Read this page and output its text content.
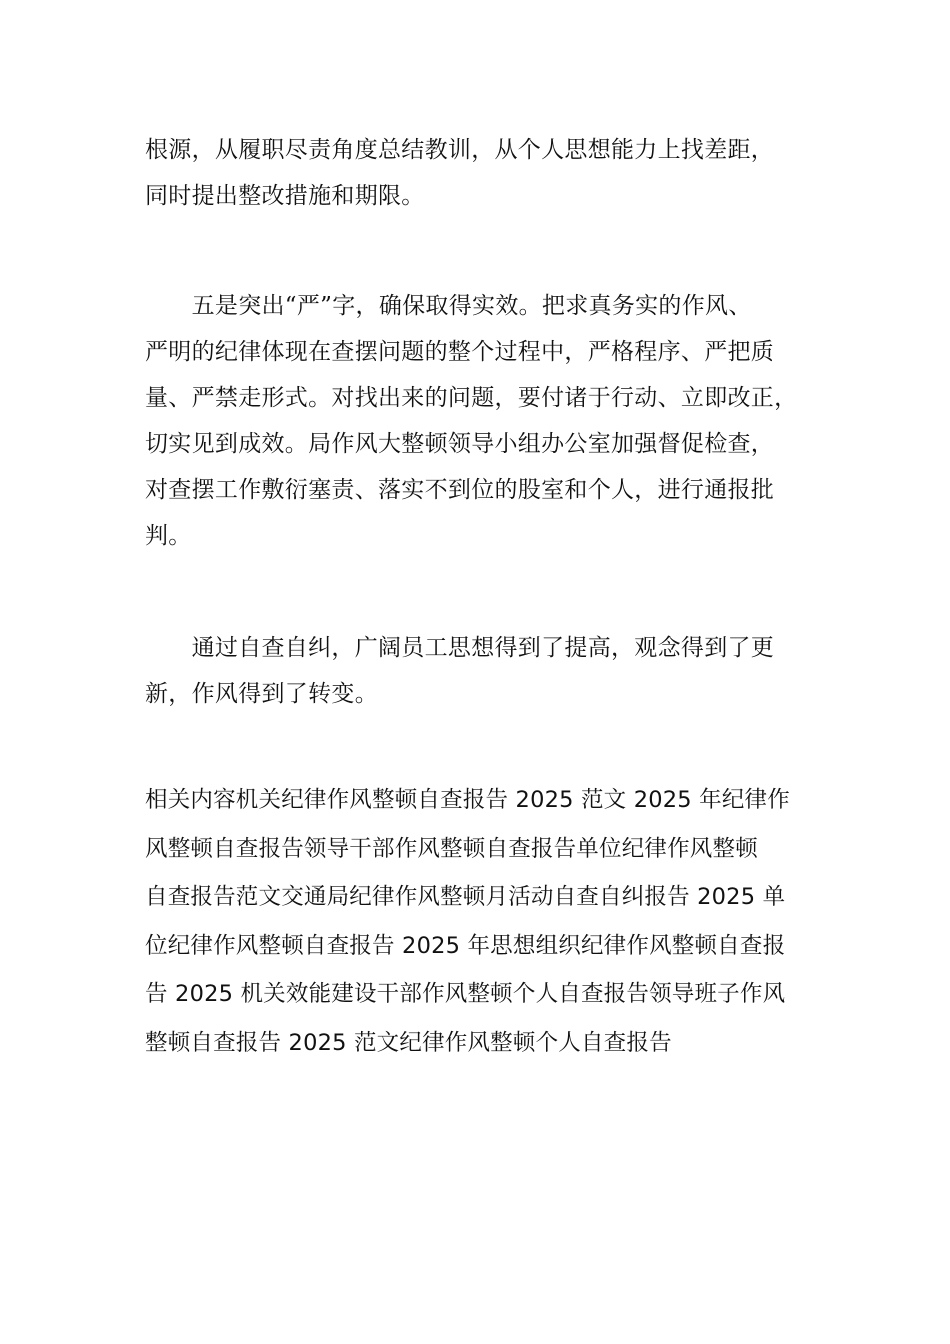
根源，从履职尽责角度总结教训，从个人思想能力上找差距，
同时提出整改措施和期限。
　　五是突出“严”字，确保取得实效。把求真务实的作风、
严明的纪律体现在查摆问题的整个过程中，严格程序、严把质
量、严禁走形式。对找出来的问题，要付诸于行动、立即改正，
切实见到成效。局作风大整顿领导小组办公室加强督促检查，
对查摆工作敷衍塞责、落实不到位的股室和个人，进行通报批
判。
　　通过自查自纠，广阔员工思想得到了提高，观念得到了更
新，作风得到了转变。
相关内容机关纪律作风整顿自查报告 2025 范文 2025 年纪律作
风整顿自查报告领导干部作风整顿自查报告单位纪律作风整顿
自查报告范文交通局纪律作风整顿月活动自查自纠报告 2025 单
位纪律作风整顿自查报告 2025 年思想组织纪律作风整顿自查报
告 2025 机关效能建设干部作风整顿个人自查报告领导班子作风
整顿自查报告 2025 范文纪律作风整顿个人自查报告
